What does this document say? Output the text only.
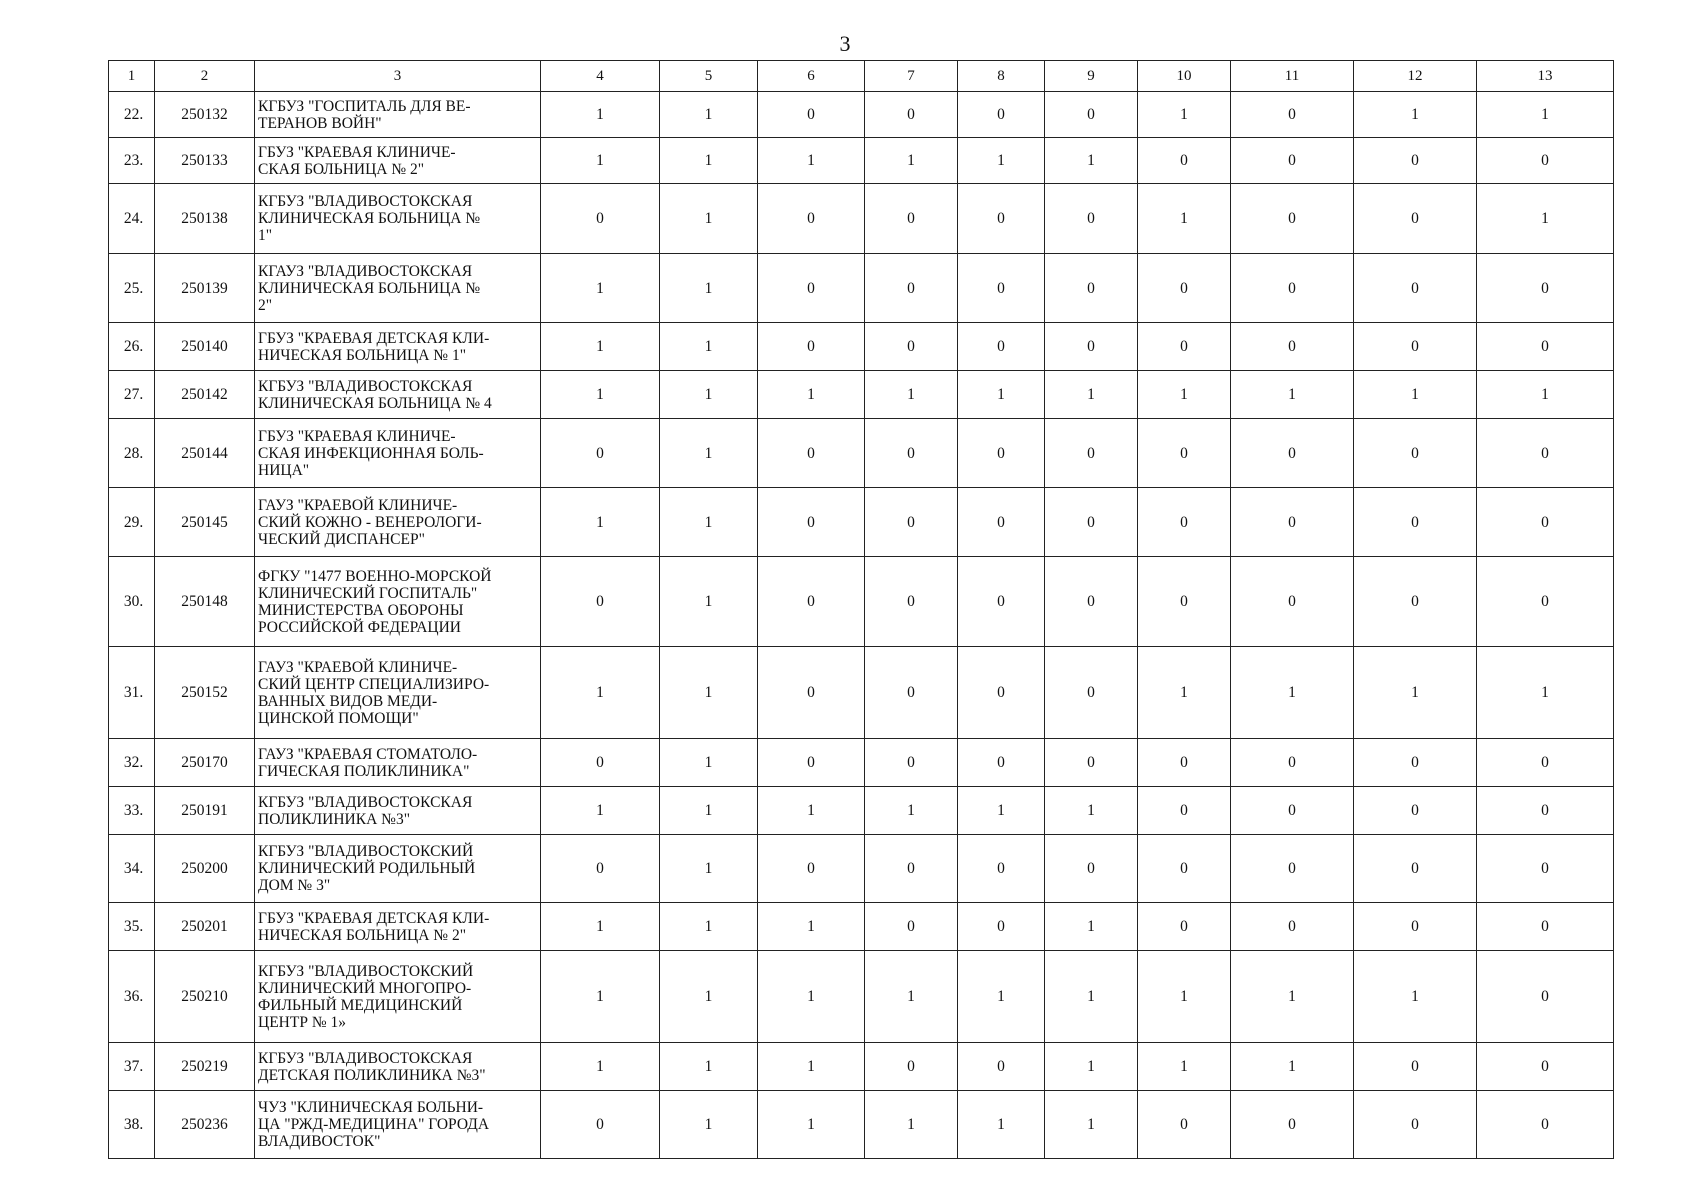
3
1	2	3	4	5	6	7	8	9	10	11	12	13
22.	250132	КГБУЗ "ГОСПИТАЛЬ ДЛЯ ВЕ-
ТЕРАНОВ ВОЙН"	1	1	0	0	0	0	1	0	1	1
23.	250133	ГБУЗ "КРАЕВАЯ КЛИНИЧЕ-
СКАЯ БОЛЬНИЦА № 2"	1	1	1	1	1	1	0	0	0	0
24.	250138	КГБУЗ "ВЛАДИВОСТОКСКАЯ
КЛИНИЧЕСКАЯ БОЛЬНИЦА №
1"	0	1	0	0	0	0	1	0	0	1
25.	250139	КГАУЗ "ВЛАДИВОСТОКСКАЯ
КЛИНИЧЕСКАЯ БОЛЬНИЦА №
2"	1	1	0	0	0	0	0	0	0	0
26.	250140	ГБУЗ "КРАЕВАЯ ДЕТСКАЯ КЛИ-
НИЧЕСКАЯ БОЛЬНИЦА № 1"	1	1	0	0	0	0	0	0	0	0
27.	250142	КГБУЗ "ВЛАДИВОСТОКСКАЯ
КЛИНИЧЕСКАЯ БОЛЬНИЦА № 4	1	1	1	1	1	1	1	1	1	1
28.	250144	ГБУЗ "КРАЕВАЯ КЛИНИЧЕ-
СКАЯ ИНФЕКЦИОННАЯ БОЛЬ-
НИЦА"	0	1	0	0	0	0	0	0	0	0
29.	250145	ГАУЗ "КРАЕВОЙ КЛИНИЧЕ-
СКИЙ КОЖНО - ВЕНЕРОЛОГИ-
ЧЕСКИЙ ДИСПАНСЕР"	1	1	0	0	0	0	0	0	0	0
30.	250148	ФГКУ "1477 ВОЕННО-МОРСКОЙ
КЛИНИЧЕСКИЙ ГОСПИТАЛЬ"
МИНИСТЕРСТВА ОБОРОНЫ
РОССИЙСКОЙ ФЕДЕРАЦИИ	0	1	0	0	0	0	0	0	0	0
31.	250152	ГАУЗ "КРАЕВОЙ КЛИНИЧЕ-
СКИЙ ЦЕНТР СПЕЦИАЛИЗИРО-
ВАННЫХ ВИДОВ МЕДИ-
ЦИНСКОЙ ПОМОЩИ"	1	1	0	0	0	0	1	1	1	1
32.	250170	ГАУЗ "КРАЕВАЯ СТОМАТОЛО-
ГИЧЕСКАЯ ПОЛИКЛИНИКА"	0	1	0	0	0	0	0	0	0	0
33.	250191	КГБУЗ "ВЛАДИВОСТОКСКАЯ
ПОЛИКЛИНИКА №3"	1	1	1	1	1	1	0	0	0	0
34.	250200	КГБУЗ "ВЛАДИВОСТОКСКИЙ
КЛИНИЧЕСКИЙ РОДИЛЬНЫЙ
ДОМ № 3"	0	1	0	0	0	0	0	0	0	0
35.	250201	ГБУЗ "КРАЕВАЯ ДЕТСКАЯ КЛИ-
НИЧЕСКАЯ БОЛЬНИЦА № 2"	1	1	1	0	0	1	0	0	0	0
36.	250210	КГБУЗ "ВЛАДИВОСТОКСКИЙ
КЛИНИЧЕСКИЙ МНОГОПРО-
ФИЛЬНЫЙ МЕДИЦИНСКИЙ
ЦЕНТР № 1»	1	1	1	1	1	1	1	1	1	0
37.	250219	КГБУЗ "ВЛАДИВОСТОКСКАЯ
ДЕТСКАЯ ПОЛИКЛИНИКА №3"	1	1	1	0	0	1	1	1	0	0
38.	250236	ЧУЗ "КЛИНИЧЕСКАЯ БОЛЬНИ-
ЦА "РЖД-МЕДИЦИНА" ГОРОДА
ВЛАДИВОСТОК"	0	1	1	1	1	1	0	0	0	0
